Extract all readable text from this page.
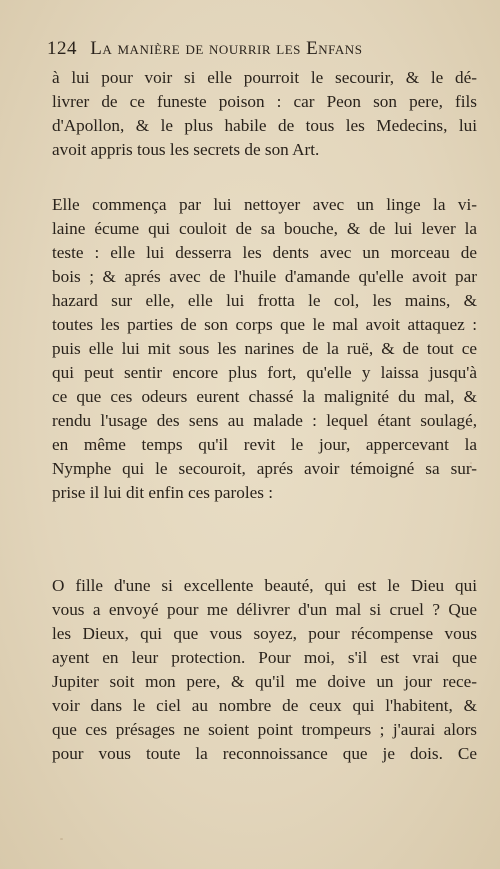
124 La manière de nourrir les Enfans
à lui pour voir si elle pourroit le secourir, & le dé-
livrer de ce funeste poison : car Peon son pere, fils
d'Apollon, & le plus habile de tous les Medecins, lui
avoit appris tous les secrets de son Art.
Elle commença par lui nettoyer avec un linge la vi-
laine écume qui couloit de sa bouche, & de lui lever la
teste : elle lui desserra les dents avec un morceau de
bois ; & aprés avec de l'huile d'amande qu'elle avoit par
hazard sur elle, elle lui frotta le col, les mains, &
toutes les parties de son corps que le mal avoit attaquez :
puis elle lui mit sous les narines de la ruë, & de tout ce
qui peut sentir encore plus fort, qu'elle y laissa jusqu'à
ce que ces odeurs eurent chassé la malignité du mal, &
rendu l'usage des sens au malade : lequel étant soulagé,
en même temps qu'il revit le jour, appercevant la
Nymphe qui le secouroit, aprés avoir témoigné sa sur-
prise il lui dit enfin ces paroles :
O fille d'une si excellente beauté, qui est le Dieu qui
vous a envoyé pour me délivrer d'un mal si cruel ? Que
les Dieux, qui que vous soyez, pour récompense vous
ayent en leur protection. Pour moi, s'il est vrai que
Jupiter soit mon pere, & qu'il me doive un jour rece-
voir dans le ciel au nombre de ceux qui l'habitent, &
que ces présages ne soient point trompeurs ; j'aurai alors
pour vous toute la reconnoissance que je dois. Ce
